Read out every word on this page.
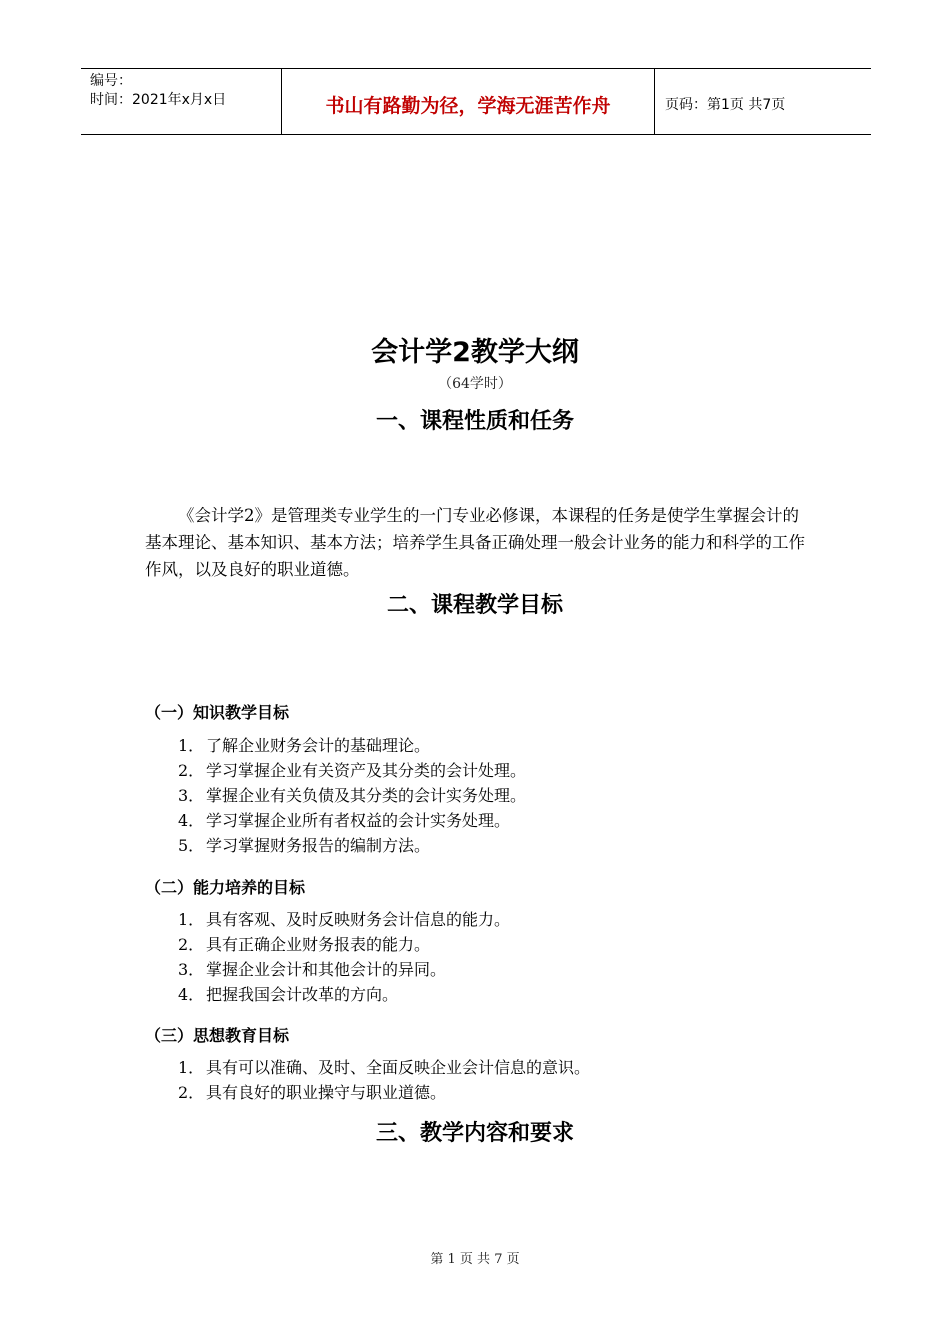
编号：
时间：2021年x月x日	书山有路勤为径，学海无涯苦作舟	页码：第1页 共7页
会计学2教学大纲
（64学时）
一、课程性质和任务

《会计学2》是管理类专业学生的一门专业必修课，本课程的任务是使学生掌握会计的基本理论、基本知识、基本方法；培养学生具备正确处理一般会计业务的能力和科学的工作作风，以及良好的职业道德。

二、课程教学目标
（一）知识教学目标
1． 了解企业财务会计的基础理论。
2． 学习掌握企业有关资产及其分类的会计处理。
3． 掌握企业有关负债及其分类的会计实务处理。
4． 学习掌握企业所有者权益的会计实务处理。
5． 学习掌握财务报告的编制方法。
（二）能力培养的目标
1． 具有客观、及时反映财务会计信息的能力。
2． 具有正确企业财务报表的能力。
3． 掌握企业会计和其他会计的异同。
4． 把握我国会计改革的方向。
（三）思想教育目标
1． 具有可以准确、及时、全面反映企业会计信息的意识。
2． 具有良好的职业操守与职业道德。
三、教学内容和要求
第 1 页 共 7 页
